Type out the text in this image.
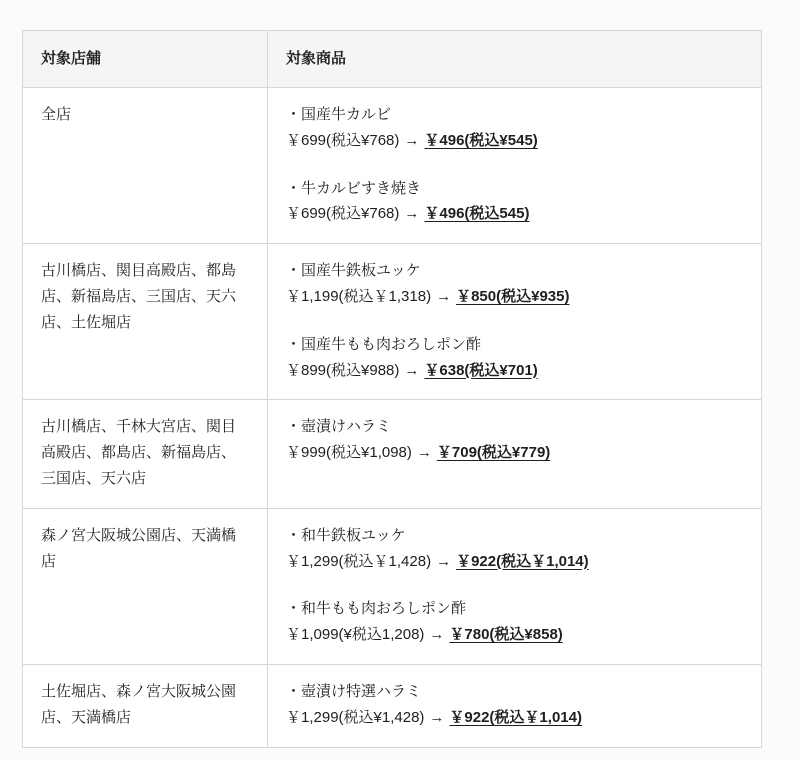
対象店舗	対象商品
全店	・国産牛カルビ
￥699(税込¥768) → ￥496(税込¥545)
・牛カルビすき焼き
￥699(税込¥768) → ￥496(税込545)

古川橋店、関目高殿店、都島店、新福島店、三国店、天六店、土佐堀店	・国産牛鉄板ユッケ
￥1,199(税込￥1,318) → ￥850(税込¥935)
・国産牛もも肉おろしポン酢
￥899(税込¥988) → ￥638(税込¥701)

古川橋店、千林大宮店、関目高殿店、都島店、新福島店、三国店、天六店	・壺漬けハラミ
￥999(税込¥1,098) → ￥709(税込¥779)

森ノ宮大阪城公園店、天満橋店	・和牛鉄板ユッケ
￥1,299(税込￥1,428) → ￥922(税込￥1,014)
・和牛もも肉おろしポン酢
￥1,099(¥税込1,208) → ￥780(税込¥858)

土佐堀店、森ノ宮大阪城公園店、天満橋店	・壺漬け特選ハラミ
￥1,299(税込¥1,428) → ￥922(税込￥1,014)
